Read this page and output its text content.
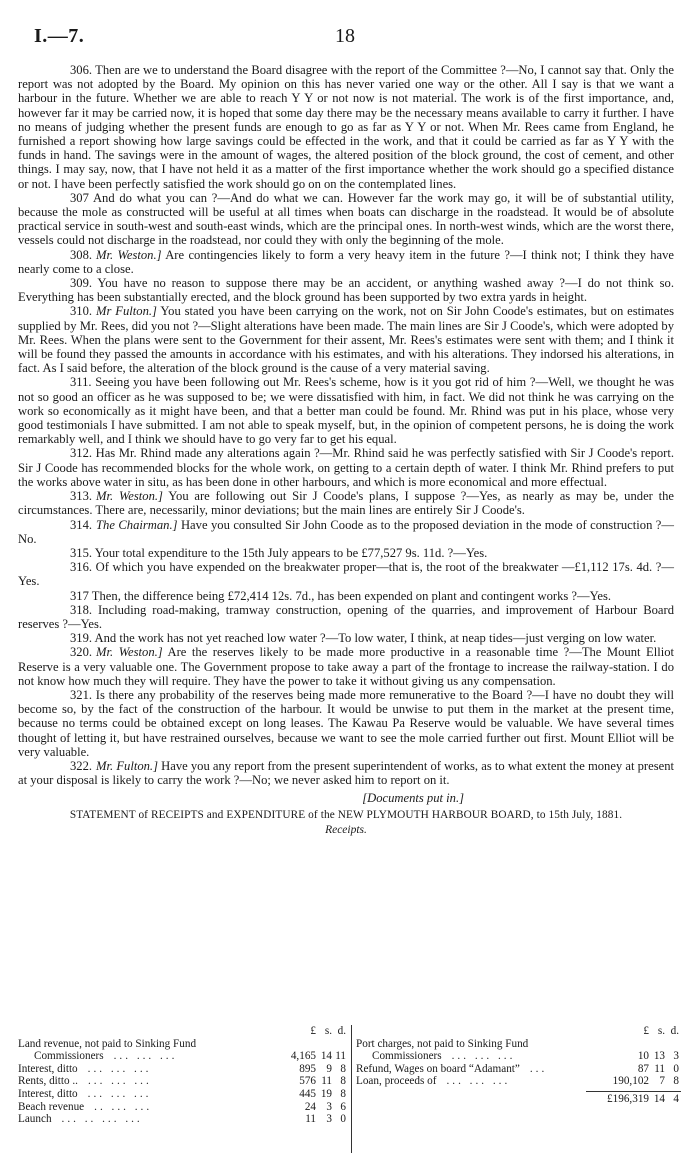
I.—7.	18

306. Then are we to understand the Board disagree with the report of the Committee ?—No, I cannot say that. Only the report was not adopted by the Board. My opinion on this has never varied one way or the other. All I say is that we want a harbour in the future. Whether we are able to reach Y Y or not now is not material. The work is of the first importance, and, however far it may be carried now, it is hoped that some day there may be the necessary means available to carry it further. I have no means of judging whether the present funds are enough to go as far as Y Y or not. When Mr. Rees came from England, he furnished a report showing how large savings could be effected in the work, and that it could be carried as far as Y Y with the funds in hand. The savings were in the amount of wages, the altered position of the block ground, the cost of cement, and other things. I may say, now, that I have not held it as a matter of the first importance whether the work should go a specified distance or not. I have been perfectly satisfied the work should go on on the contemplated lines.

307 And do what you can ?—And do what we can. However far the work may go, it will be of substantial utility, because the mole as constructed will be useful at all times when boats can discharge in the roadstead. It would be of absolute practical service in south-west and south-east winds, which are the principal ones. In north-west winds, which are the worst there, vessels could not discharge in the roadstead, nor could they with only the beginning of the mole.

308. Mr. Weston.] Are contingencies likely to form a very heavy item in the future ?—I think not; I think they have nearly come to a close.

309. You have no reason to suppose there may be an accident, or anything washed away ?—I do not think so. Everything has been substantially erected, and the block ground has been supported by two extra yards in height.

310. Mr Fulton.] You stated you have been carrying on the work, not on Sir John Coode's estimates, but on estimates supplied by Mr. Rees, did you not ?—Slight alterations have been made. The main lines are Sir J Coode's, which were adopted by Mr. Rees. When the plans were sent to the Government for their assent, Mr. Rees's estimates were sent with them; and I think it will be found they passed the amounts in accordance with his estimates, and with his alterations. They indorsed his alterations, in fact. As I said before, the alteration of the block ground is the cause of a very material saving.

311. Seeing you have been following out Mr. Rees's scheme, how is it you got rid of him ?—Well, we thought he was not so good an officer as he was supposed to be; we were dissatisfied with him, in fact. We did not think he was carrying on the work so economically as it might have been, and that a better man could be found. Mr. Rhind was put in his place, whose very good testimonials I have submitted. I am not able to speak myself, but, in the opinion of competent persons, he is doing the work remarkably well, and I think we should have to go very far to get his equal.

312. Has Mr. Rhind made any alterations again ?—Mr. Rhind said he was perfectly satisfied with Sir J Coode's report. Sir J Coode has recommended blocks for the whole work, on getting to a certain depth of water. I think Mr. Rhind prefers to put the works above water in situ, as has been done in other harbours, and which is more economical and more effectual.

313. Mr. Weston.] You are following out Sir J Coode's plans, I suppose ?—Yes, as nearly as may be, under the circumstances. There are, necessarily, minor deviations; but the main lines are entirely Sir J Coode's.

314. The Chairman.] Have you consulted Sir John Coode as to the proposed deviation in the mode of construction ?—No.

315. Your total expenditure to the 15th July appears to be £77,527 9s. 11d. ?—Yes.

316. Of which you have expended on the breakwater proper—that is, the root of the breakwater —£1,112 17s. 4d. ?—Yes.

317 Then, the difference being £72,414 12s. 7d., has been expended on plant and contingent works ?—Yes.

318. Including road-making, tramway construction, opening of the quarries, and improvement of Harbour Board reserves ?—Yes.

319. And the work has not yet reached low water ?—To low water, I think, at neap tides—just verging on low water.

320. Mr. Weston.] Are the reserves likely to be made more productive in a reasonable time ?—The Mount Elliot Reserve is a very valuable one. The Government propose to take away a part of the frontage to increase the railway-station. I do not know how much they will require. They have the power to take it without giving us any compensation.

321. Is there any probability of the reserves being made more remunerative to the Board ?—I have no doubt they will become so, by the fact of the construction of the harbour. It would be unwise to put them in the market at the present time, because no terms could be obtained except on long leases. The Kawau Pa Reserve would be valuable. We have several times thought of letting it, but have restrained ourselves, because we want to see the mole carried further out first. Mount Elliot will be very valuable.

322. Mr. Fulton.] Have you any report from the present superintendent of works, as to what extent the money at present at your disposal is likely to carry the work ?—No; we never asked him to report on it.

[Documents put in.]
STATEMENT of RECEIPTS and EXPENDITURE of the NEW PLYMOUTH HARBOUR BOARD, to 15th July, 1881.
Receipts.
£ s. d.
Land revenue, not paid to Sinking Fund
Commissioners ... ... ...	4,165 14 11
Interest, ditto ... ... ...	895 9 8
Rents, ditto .. ... ... ...	576 11 8
Interest, ditto ... ... ...	445 19 8
Beach revenue .. ... ...	24 3 6
Launch ... .. ... ...	11 3 0
£ s. d.
Port charges, not paid to Sinking Fund
Commissioners ... ... ...	10 13 3
Refund, Wages on board “Adamant” ...	87 11 0
Loan, proceeds of ... ... ...	190,102 7 8
£196,319 14 4
